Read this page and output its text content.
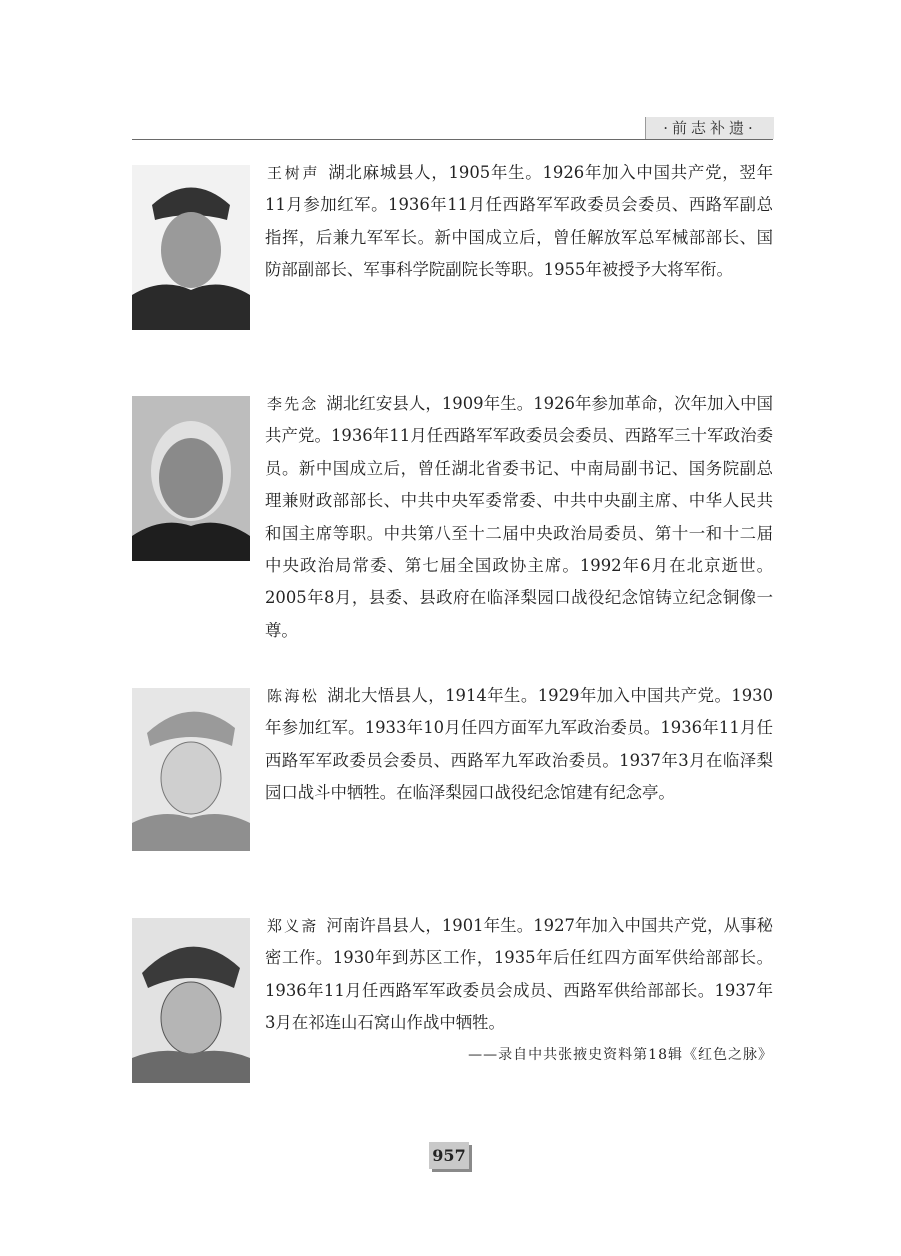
·前志补遗·
王树声 湖北麻城县人，1905年生。1926年加入中国共产党，翌年11月参加红军。1936年11月任西路军军政委员会委员、西路军副总指挥，后兼九军军长。新中国成立后，曾任解放军总军械部部长、国防部副部长、军事科学院副院长等职。1955年被授予大将军衔。
李先念 湖北红安县人，1909年生。1926年参加革命，次年加入中国共产党。1936年11月任西路军军政委员会委员、西路军三十军政治委员。新中国成立后，曾任湖北省委书记、中南局副书记、国务院副总理兼财政部部长、中共中央军委常委、中共中央副主席、中华人民共和国主席等职。中共第八至十二届中央政治局委员、第十一和十二届中央政治局常委、第七届全国政协主席。1992年6月在北京逝世。2005年8月，县委、县政府在临泽梨园口战役纪念馆铸立纪念铜像一尊。
陈海松 湖北大悟县人，1914年生。1929年加入中国共产党。1930年参加红军。1933年10月任四方面军九军政治委员。1936年11月任西路军军政委员会委员、西路军九军政治委员。1937年3月在临泽梨园口战斗中牺牲。在临泽梨园口战役纪念馆建有纪念亭。
郑义斋 河南许昌县人，1901年生。1927年加入中国共产党，从事秘密工作。1930年到苏区工作，1935年后任红四方面军供给部部长。1936年11月任西路军军政委员会成员、西路军供给部部长。1937年3月在祁连山石窝山作战中牺牲。
——录自中共张掖史资料第18辑《红色之脉》
957
